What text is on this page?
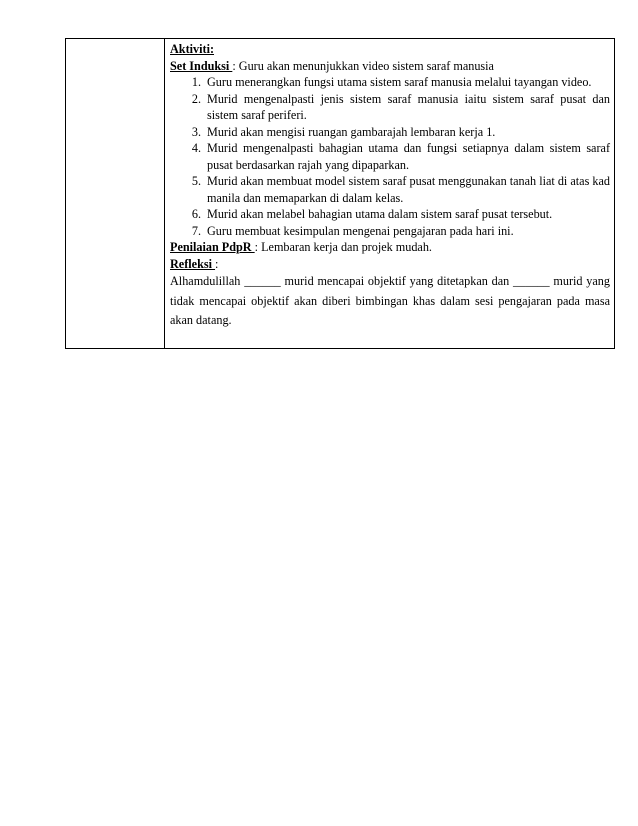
Aktiviti:

Set Induksi : Guru akan menunjukkan video sistem saraf manusia

1. Guru menerangkan fungsi utama sistem saraf manusia melalui tayangan video.
2. Murid mengenalpasti jenis sistem saraf manusia iaitu sistem saraf pusat dan sistem saraf periferi.
3. Murid akan mengisi ruangan gambarajah lembaran kerja 1.
4. Murid mengenalpasti bahagian utama dan fungsi setiapnya dalam sistem saraf pusat berdasarkan rajah yang dipaparkan.
5. Murid akan membuat model sistem saraf pusat menggunakan tanah liat di atas kad manila dan memaparkan di dalam kelas.
6. Murid akan melabel bahagian utama dalam sistem saraf pusat tersebut.
7. Guru membuat kesimpulan mengenai pengajaran pada hari ini.

Penilaian PdpR : Lembaran kerja dan projek mudah.

Refleksi :

Alhamdulillah ______ murid mencapai objektif yang ditetapkan dan ______ murid yang tidak mencapai objektif akan diberi bimbingan khas dalam sesi pengajaran pada masa akan datang.
